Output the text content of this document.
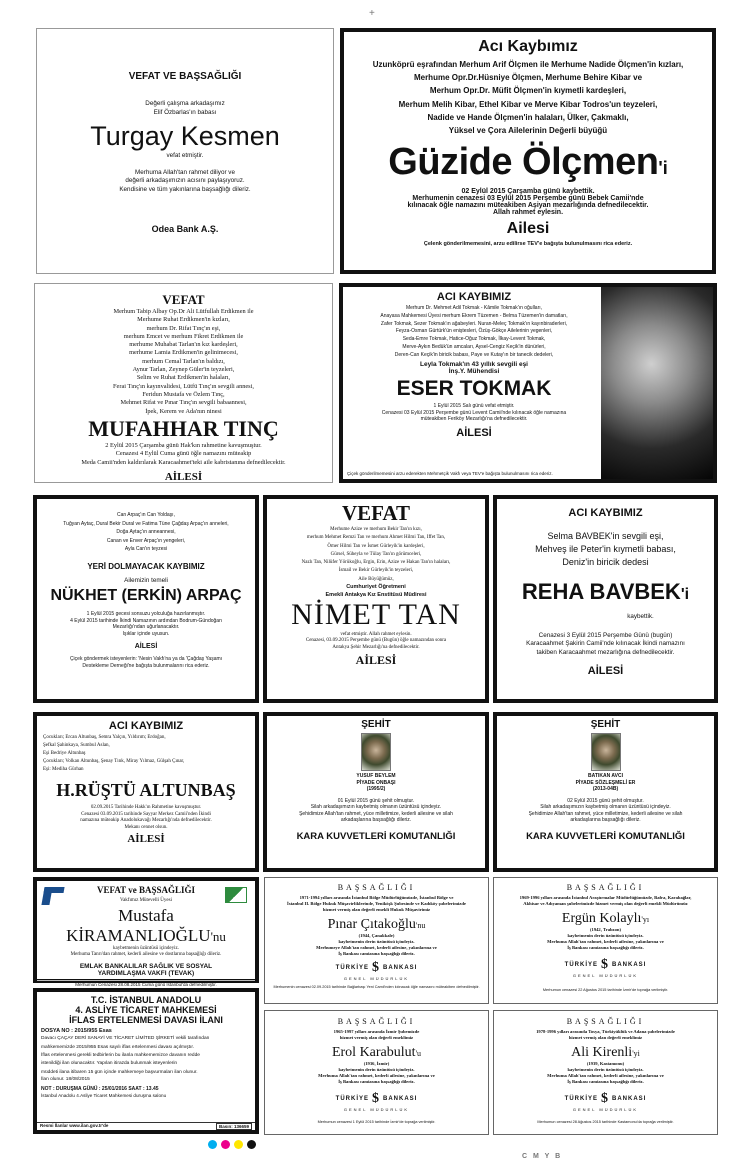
+
C M Y B
VEFAT VE BAŞSAĞLIĞI
Değerli çalışma arkadaşımız
Elif Özbarlas'ın babası
Turgay Kesmen
vefat etmiştir.
Merhuma Allah'tan rahmet diliyor ve
değerli arkadaşımızın acısını paylaşıyoruz.
Kendisine ve tüm yakınlarına başsağlığı dileriz.
Odea Bank A.Ş.
Acı Kaybımız
Uzunköprü eşrafından Merhum Arif Ölçmen ile Merhume Nadide Ölçmen'in kızları,
Merhume Opr.Dr.Hüsniye Ölçmen, Merhume Behire Kibar ve
Merhum Opr.Dr. Müfit Ölçmen'in kıymetli kardeşleri,
Merhum Melih Kibar, Ethel Kibar ve Merve Kibar Todros'un teyzeleri,
Nadide ve Hande Ölçmen'in halaları, Ülker, Çakmaklı,
Yüksel ve Çora Ailelerinin Değerli büyüğü
Güzide Ölçmen'i
02 Eylül 2015 Çarşamba günü kaybettik.
Merhumenin cenazesi 03 Eylül 2015 Perşembe günü Bebek Camii'nde
kılınacak öğle namazını müteakiben Aşiyan mezarlığında defnedilecektir.
Allah rahmet eylesin.
Ailesi
Çelenk gönderilmemesini, arzu edilirse TEV'e bağışta bulunulmasını rica ederiz.
VEFAT
Merhum Tabip Albay Op.Dr Ali Lütfullah Erdikmen ile
Merhume Ruhat Erdikmen'in kızları,
merhum Dr. Rifat Tınç'ın eşi,
merhum Emcet ve merhum Fikret Erdikmen ile
merhume Muhabat Tarlan'ın kız kardeşleri,
merhume Lamia Erdikmen'in gelinimecesi,
merhum Cemal Tarlan'ın baldızı,
Aynur Tarlan, Zeynep Güler'in teyzeleri,
Selim ve Ruhat Erdikmen'in halaları,
Ferai Tınç'ın kayınvalidesi, Lütfü Tınç'ın sevgili annesi,
Feridun Mustafa ve Özlem Tınç,
Mehmet Rifat ve Pınar Tınç'ın sevgili babaannesi,
İpek, Kerem ve Ada'nın ninesi
MUFAHHAR TINÇ
2 Eylül 2015 Çarşamba günü Hak'kın rahmetine kavuşmuştur.
Cenazesi 4 Eylül Cuma günü öğle namazını müteakip
Meda Camii'nden kaldırılarak Karacaahmet'teki aile kabristanına defnedilecektir.
AİLESİ
ACI KAYBIMIZ
Merhum Dr. Mehmet Adil Tokmak - Kâmile Tokmak'ın oğulları,
Anayasa Mahkemesi Üyesi merhum Ekrem Tüzemen - Belma Tüzemen'in damatları,
Zafer Tokmak, Sezer Tokmak'ın ağabeyleri. Nuran-Meleç Tokmak'ın kayınbiraderleri,
Feyza-Osman Gürtürk'ün eniştesleri, Özüş-Gökçe Ailelerinin yegenleri,
Seda-Emre Tokmak, Hatice-Oğuz Tokmak, İlkay-Levent Tokmak,
Merve-Aykın Bedük'ün amcaları, Aysel-Cengiz Keçik'in dünürleri,
Deren-Can Keçik'in biricik babası, Paye ve Kutay'ın bir tanecik dedeleri,
Leyla Tokmak'ın 43 yıllık sevgili eşi
İnş.Y. Mühendisi
ESER TOKMAK
1 Eylül 2015 Salı günü vefat etmiştir.
Cenazesi 03 Eylül 2015 Perşembe günü Levent Camii'nde kılınacak öğle namazına
müteakiben Feriköy Mezarlığı'na defnedilecektir.
AİLESİ
Çiçek gönderilmemesini arzu ederekten Mehmetçik Vakfı veya TEV'e bağışta bulunulmasını rica ederiz.
Can Arpaç'ın Can Yoldaşı,
Tuğyan Aytaç, Dural Bekir Dural ve Fatima Tüne Çağdaş Arpaç'ın anneleri,
Doğa Aytaç'ın anneannesi,
Canan ve Enver Arpaç'ın yengeleri,
Ayla Can'ın teyzesi
YERİ DOLMAYACAK KAYBIMIZ
Ailemizin temeli
NÜKHET (ERKİN) ARPAÇ
1 Eylül 2015 gecesi sonsuzu yolculuğa hazırlanmıştır.
4 Eylül 2015 tarihinde İkindi Namazının ardından Bodrum-Gündoğan
Mezarlığı'ndan uğurlanacaktır.
Işıklar içinde uyusun.
AİLESİ
Çiçek göndermek isteyenlerin: 'Nesin Vakfı'na ya da 'Çağdaş Yaşamı
Destekleme Derneği'ne bağışta bulunmalarını rica ederiz.
VEFAT
Merhume Azize ve merhum Bekir Tan'ın kızı,
merhum Mehmet Remzi Tan ve merhum Ahmet Hilmi Tan, Iffet Tan,
Ömer Hilmi Tan ve İsmet Gürleyik'in kardeşleri,
Gürsel, Süheyla ve Tülay Tan'ın görümceleri,
Nazlı Tan, Nilüfer Yörükoğlu, Ergin, Erin, Azize ve Hakan Tan'ın halaları,
İsmail ve Bekir Gürleyik'in teyzeleri,
Aile Büyüğümüz,
Cumhuriyet Öğretmeni
Emekli Antakya Kız Enstitüsü Müdiresi
NİMET TAN
vefat etmiştir. Allah rahmet eylesin.
Cenazesi, 03.09.2015 Perşembe günü (Bugün) öğle namazından sonra
Antakya Şehir Mezarlığı'na defnedilecektir.
AİLESİ
ACI KAYBIMIZ
Selma BAVBEK'in sevgili eşi,
Mehveş ile Peter'in kıymetli babası,
Deniz'in biricik dedesi
REHA BAVBEK'i
kaybettik.
Cenazesi 3 Eylül 2015 Perşembe Günü (bugün)
Karacaahmet Şakirin Camii'nde kılınacak İkindi namazını
takiben Karacaahmet mezarlığına defnedilecektir.
AİLESİ
ACI KAYBIMIZ
Çocukları; Ercan Altunbaş, Semra Yalçın, Yıldırım; Erdoğan,
Şefkal Şahinkaya, Sumbul Aslan,
Eşi Bedriye Altunbaş
Çocukları; Volkan Altunbaş, Şenay Tınk, Miray Yılmaz, Gülşah Çınar,
Eşi: Mediha Gürhan
H.RÜŞTÜ ALTUNBAŞ
02.09.2015 Tarihinde Hakk'ın Rahmetine kavuşmuştur.
Cenazesi 03.09.2015 tarihinde Sayyar Merkez Camii'nden İkindi
namazına müteakip Anadolukavağı Mezarlığı'nda defnedilecektir.
Mekanı cennet olsun.
AİLESİ
ŞEHİT
YUSUF BEYLEM
PİYADE ONBAŞI
(1995/2)
01 Eylül 2015 günü şehit olmuştur.
Silah arkadaşımızın kaybetmiş olmanın üzüntüsü içindeyiz.
Şehidimize Allah'tan rahmet, yüce milletimize, kederli ailesine ve silah
arkadaşlarına başsağlığı dileriz.
KARA KUVVETLERİ KOMUTANLIĞI
ŞEHİT
BATIKAN AVCI
PİYADE SÖZLEŞMELİ ER
(2013-04B)
02 Eylül 2015 günü şehit olmuştur.
Silah arkadaşımızın kaybetmiş olmanın üzüntüsü içindeyiz.
Şehidimize Allah'tan rahmet, yüce milletimize, kederli ailesine ve silah
arkadaşlarına başsağlığı dileriz.
KARA KUVVETLERİ KOMUTANLIĞI
VEFAT ve BAŞSAĞLIĞI
Vakfımız Mütevelli Üyesi
Mustafa KİRAMANLIOĞLU'nu
kaybetmenin üzüntüsü içindeyiz.
Merhuma Tanrı'dan rahmet, kederli ailesine ve dostlarına başsağlığı dileriz.
EMLAK BANKALILAR SAĞLIK VE SOSYAL
YARDIMLAŞMA VAKFI (TEVAK)
Merhumun Cenazesi 28.08.2015 Cuma günü İstanbul'da defnedilmiştir.
BAŞSAĞLIĞI
1971-1994 yılları arasında İstanbul Bölge Müdürlüğümüzde, İstanbul Bölge ve
İstanbul II. Bölge Hukuk Müşavirliklerinde, Yeniköşk Şubesinde ve Kadıköy şubelerimizde
hizmet vermiş olan değerli emekli Hukuk Müşavirimiz
Pınar Çıtakoğlu'nu
(1944, Çanakkale)
kaybetmenin derin üzüntüsü içindeyiz.
Merhumeye Allah'tan rahmet, kederli ailesine, yakınlarına ve
İş Bankası camiasına başsağlığı dileriz.
TÜRKİYE $ BANKASI
GENEL MÜDÜRLÜK
Merhumenin cenazesi 02.09.2015 tarihinde Bağlarbaşı Yeni Camii'nden kılınacak öğle namazını müteakiben defnedilmiştir.
BAŞSAĞLIĞI
1969-1996 yılları arasında İstanbul Araştırmalar Müdürlüğümüzde, Bafra, Karabağlar,
Akhisar ve Adıyaman şubelerimizde hizmet vermiş olan değerli emekli Müdürümüz
Ergün Kolaylı'yı
(1942, Trabzon)
kaybetmenin derin üzüntüsü içindeyiz.
Merhuma Allah'tan rahmet, kederli ailesine, yakınlarına ve
İş Bankası camiasına başsağlığı dileriz.
TÜRKİYE $ BANKASI
GENEL MÜDÜRLÜK
Merhumun cenazesi 22 Ağustos 2015 tarihinde İzmir'de toprağa verilmiştir.
T.C. İSTANBUL ANADOLU
4. ASLİYE TİCARET MAHKEMESİ
İFLAS ERTELENMESİ DAVASI İLANI
DOSYA NO : 2015/955 Esas
Davacı ÇAÇAY DERİ SANAYİ VE TİCARET LİMİTED ŞİRKETİ vekili tarafından
mahkememizde 2015/955 Esas sayılı iflas ertelenmesi davası açılmıştır.
İflas ertelenmesi gerekli tedbirlerin bu ilanla mahkememizce davanın redde
istenildiği ilan olunacaktır. Yapılan itirazda bulunmak isteyenlerin
müddeti ilana itibaren 15 gün içinde mahkemeye başvurmaları ilan olunur.
İlan olunur. 18/08/2015
NOT : DURUŞMA GÜNÜ : 25/01/2016 SAAT : 13.45
İstanbul Anadolu 4.Asliye Ticaret Mahkemesi duruşma salonu
Resmi İlanlar www.ilan.gov.tr'de	Basın: 136659
BAŞSAĞLIĞI
1965-1997 yılları arasında İzmir Şubemizde
hizmet vermiş olan değerli emeklimiz
Erol Karabulut'u
(1936, İzmir)
kaybetmenin derin üzüntüsü içindeyiz.
Merhuma Allah'tan rahmet, kederli ailesine, yakınlarına ve
İş Bankası camiasına başsağlığı dileriz.
TÜRKİYE $ BANKASI
GENEL MÜDÜRLÜK
Merhumun cenazesi 1 Eylül 2015 tarihinde İzmir'de toprağa verilmiştir.
BAŞSAĞLIĞI
1978-1996 yılları arasında Tosya, Türkiyüklük ve Adana şubelerimizde
hizmet vermiş olan değerli emeklimiz
Ali Kirenli'yi
(1939, Kastamonu)
kaybetmenin derin üzüntüsü içindeyiz.
Merhuma Allah'tan rahmet, kederli ailesine, yakınlarına ve
İş Bankası camiasına başsağlığı dileriz.
TÜRKİYE $ BANKASI
GENEL MÜDÜRLÜK
Merhumun cenazesi 28 Ağustos 2015 tarihinde Kastamonu'da toprağa verilmiştir.
